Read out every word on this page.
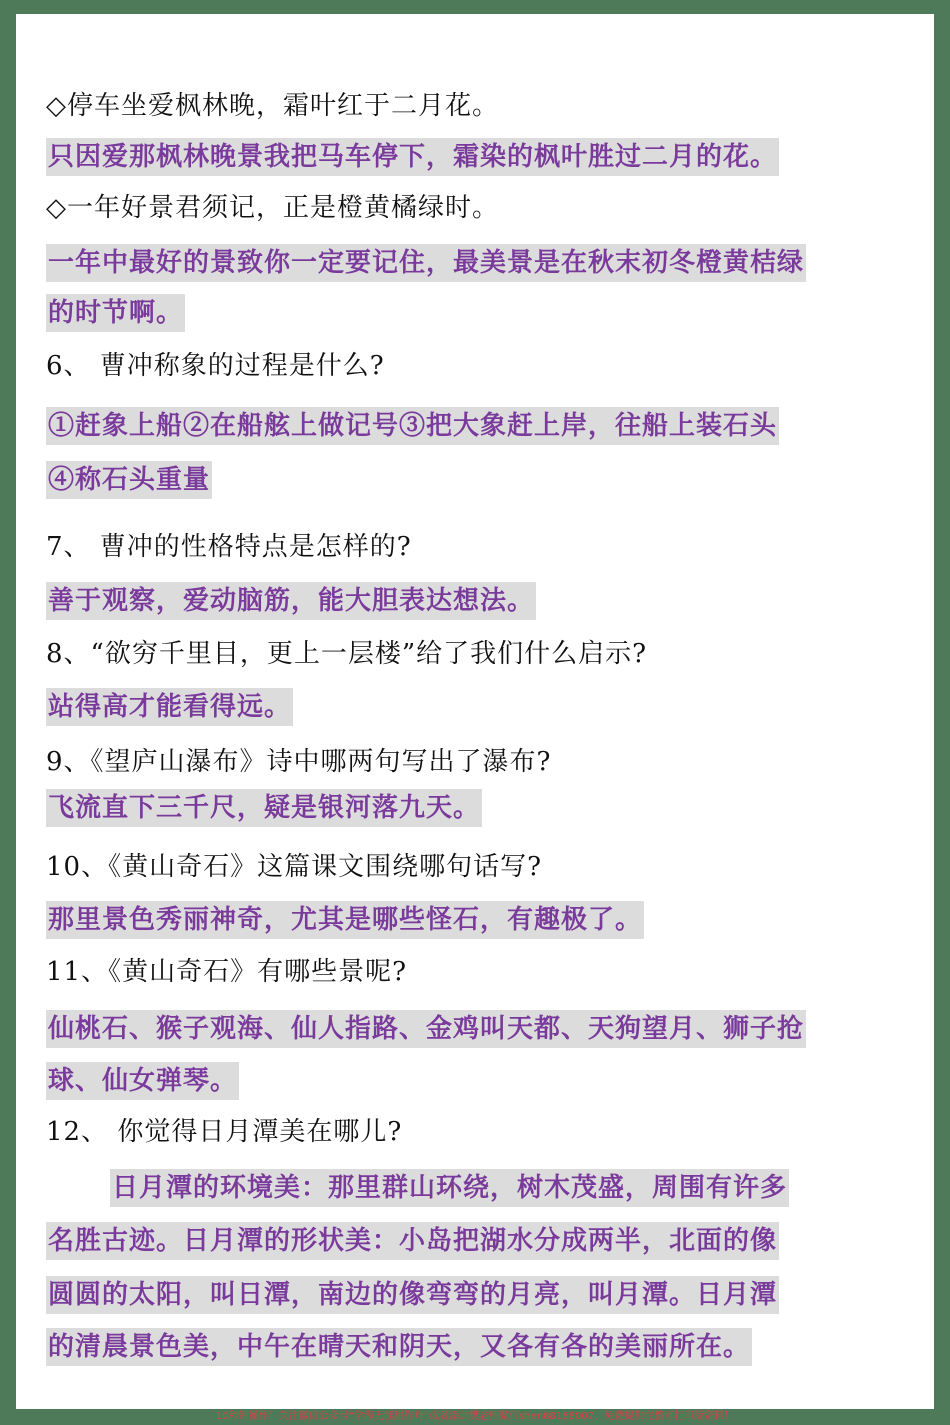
◇停车坐爱枫林晚，霜叶红于二月花。
只因爱那枫林晚景我把马车停下，霜染的枫叶胜过二月的花。
◇一年好景君须记，正是橙黄橘绿时。
一年中最好的景致你一定要记住，最美景是在秋末初冬橙黄桔绿
的时节啊。
6、 曹冲称象的过程是什么?
①赶象上船②在船舷上做记号③把大象赶上岸，往船上装石头
④称石头重量
7、 曹冲的性格特点是怎样的?
善于观察，爱动脑筋，能大胆表达想法。
8、“欲穷千里目，更上一层楼”给了我们什么启示?
站得高才能看得远。
9、《望庐山瀑布》诗中哪两句写出了瀑布?
飞流直下三千尺，疑是银河落九天。
10、《黄山奇石》这篇课文围绕哪句话写?
那里景色秀丽神奇，尤其是哪些怪石，有趣极了。
11、《黄山奇石》有哪些景呢?
仙桃石、猴子观海、仙人指路、金鸡叫天都、天狗望月、狮子抢
球、仙女弹琴。
12、 你觉得日月潭美在哪儿?
日月潭的环境美：那里群山环绕，树木茂盛，周围有许多
名胜古迹。日月潭的形状美：小岛把湖水分成两半，北面的像
圆圆的太阳，叫日潭，南边的像弯弯的月亮，叫月潭。日月潭
的清晨景色美，中午在晴天和阴天，又各有各的美丽所在。
10秒钟操作！关注微信公众号“学海无涯甜作舟”或者添加樊老师微信shen88168007，免费提供完整可打印版资料！
